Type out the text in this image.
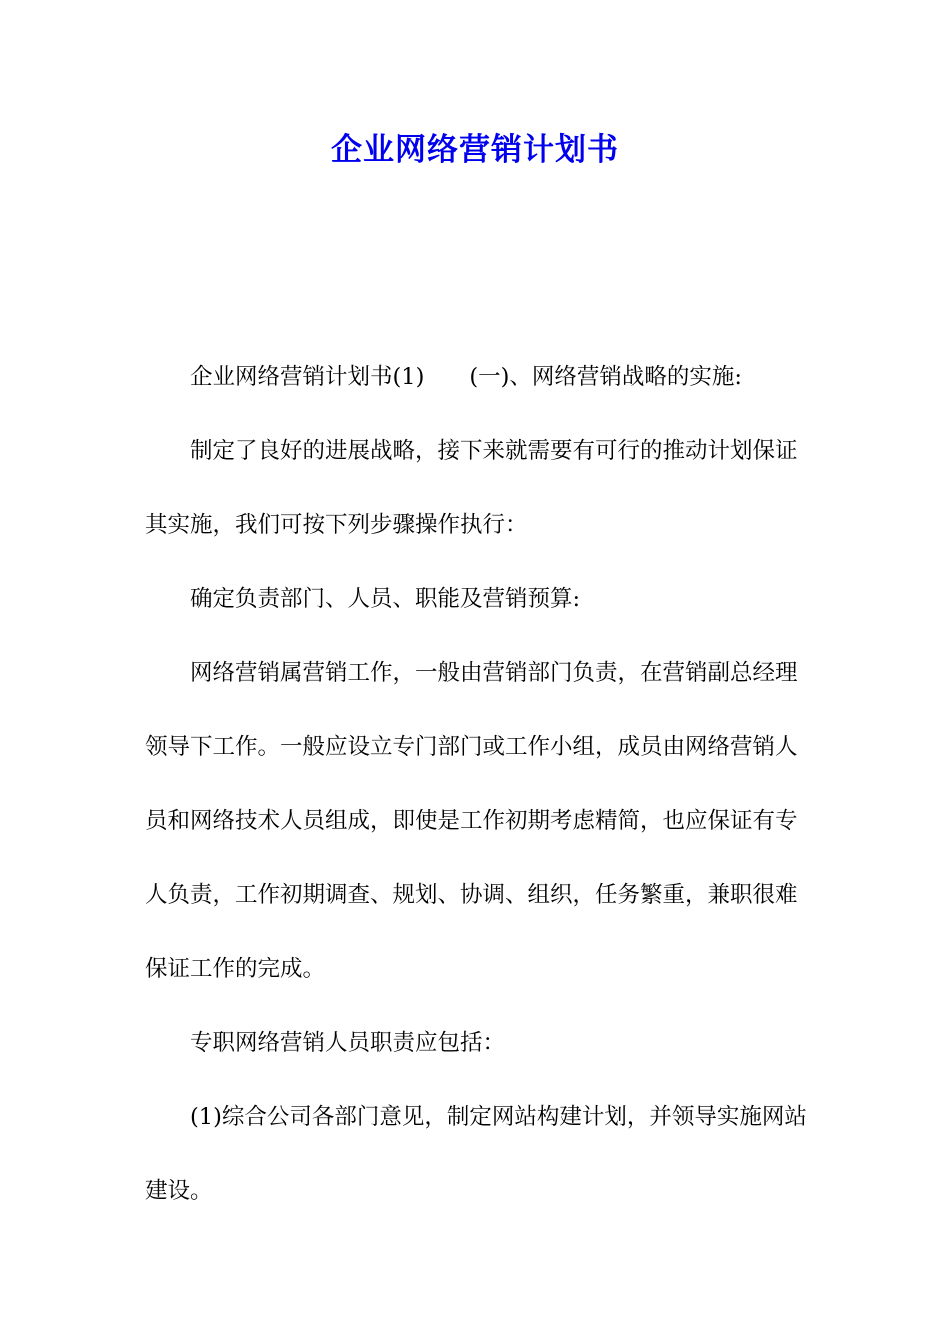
企业网络营销计划书

企业网络营销计划书(1)　　(一)、网络营销战略的实施:

制定了良好的进展战略，接下来就需要有可行的推动计划保证其实施，我们可按下列步骤操作执行：

确定负责部门、人员、职能及营销预算:

网络营销属营销工作，一般由营销部门负责，在营销副总经理领导下工作。一般应设立专门部门或工作小组，成员由网络营销人员和网络技术人员组成，即使是工作初期考虑精简，也应保证有专人负责，工作初期调查、规划、协调、组织，任务繁重，兼职很难保证工作的完成。

专职网络营销人员职责应包括：

(1)综合公司各部门意见，制定网站构建计划，并领导实施网站建设。
